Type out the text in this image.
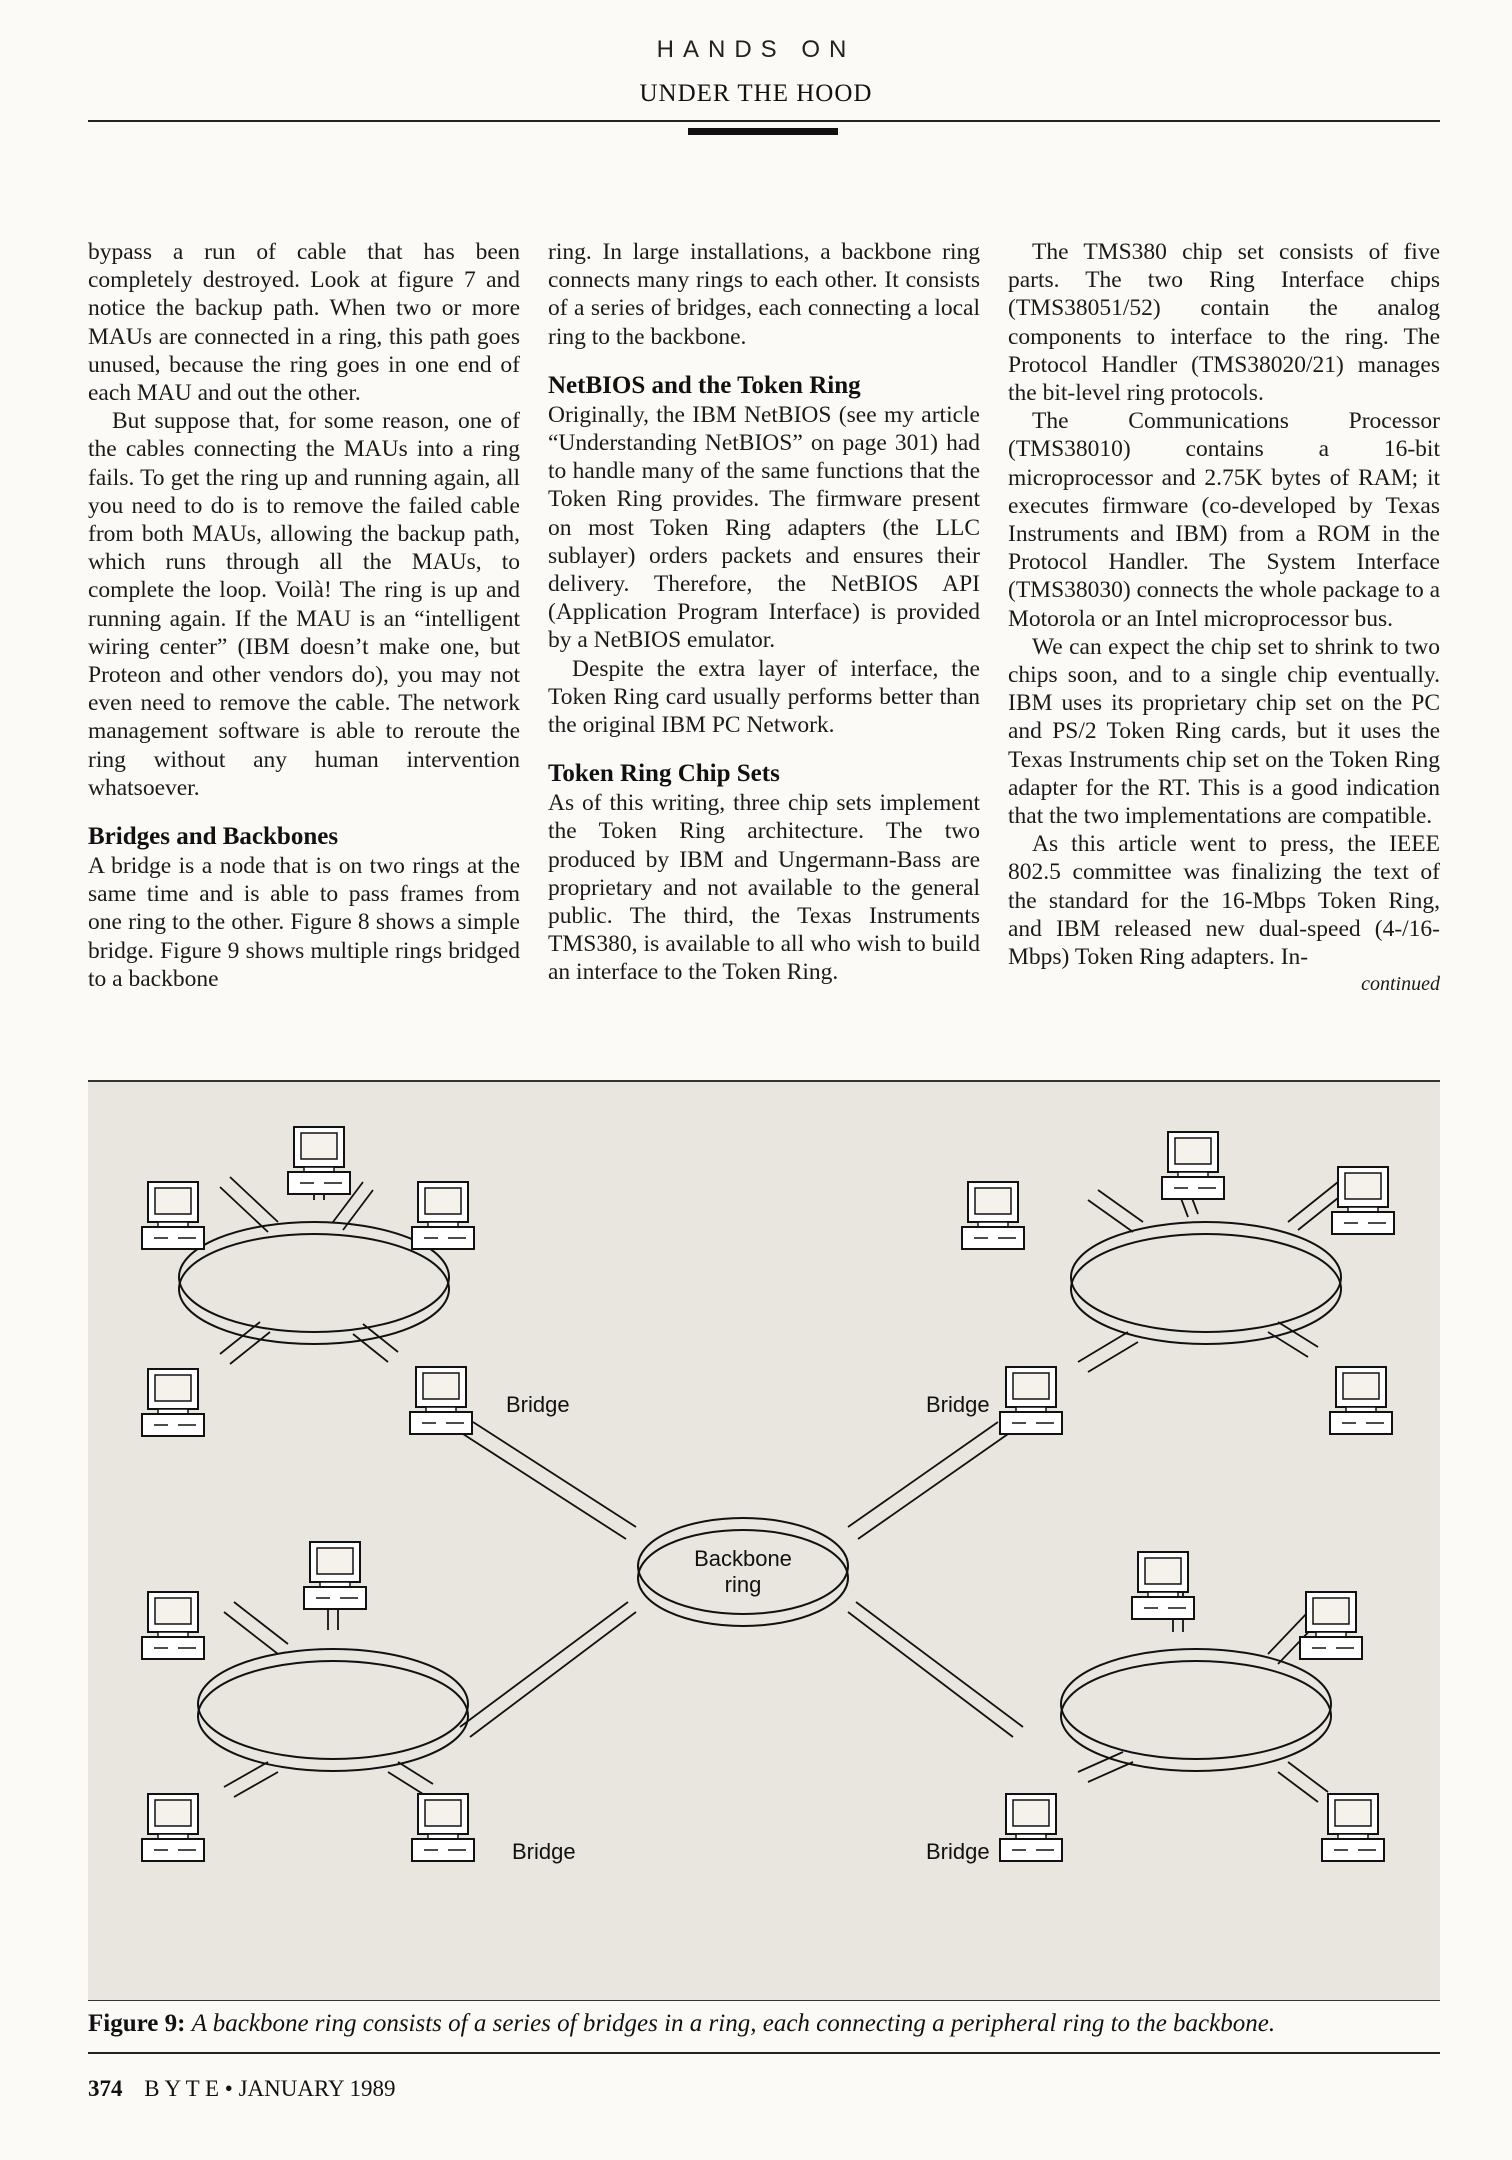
HANDS ON
UNDER THE HOOD

bypass a run of cable that has been completely destroyed. Look at figure 7 and notice the backup path. When two or more MAUs are connected in a ring, this path goes unused, because the ring goes in one end of each MAU and out the other.

But suppose that, for some reason, one of the cables connecting the MAUs into a ring fails. To get the ring up and running again, all you need to do is to remove the failed cable from both MAUs, allowing the backup path, which runs through all the MAUs, to complete the loop. Voilà! The ring is up and running again. If the MAU is an “intelligent wiring center” (IBM doesn’t make one, but Proteon and other vendors do), you may not even need to remove the cable. The network management software is able to reroute the ring without any human intervention whatsoever.

Bridges and Backbones

A bridge is a node that is on two rings at the same time and is able to pass frames from one ring to the other. Figure 8 shows a simple bridge. Figure 9 shows multiple rings bridged to a backbone

ring. In large installations, a backbone ring connects many rings to each other. It consists of a series of bridges, each connecting a local ring to the backbone.

NetBIOS and the Token Ring

Originally, the IBM NetBIOS (see my article “Understanding NetBIOS” on page 301) had to handle many of the same functions that the Token Ring provides. The firmware present on most Token Ring adapters (the LLC sublayer) orders packets and ensures their delivery. Therefore, the NetBIOS API (Application Program Interface) is provided by a NetBIOS emulator.

Despite the extra layer of interface, the Token Ring card usually performs better than the original IBM PC Network.

Token Ring Chip Sets

As of this writing, three chip sets implement the Token Ring architecture. The two produced by IBM and Ungermann-Bass are proprietary and not available to the general public. The third, the Texas Instruments TMS380, is available to all who wish to build an interface to the Token Ring.

The TMS380 chip set consists of five parts. The two Ring Interface chips (TMS38051/52) contain the analog components to interface to the ring. The Protocol Handler (TMS38020/21) manages the bit-level ring protocols.

The Communications Processor (TMS38010) contains a 16-bit microprocessor and 2.75K bytes of RAM; it executes firmware (co-developed by Texas Instruments and IBM) from a ROM in the Protocol Handler. The System Interface (TMS38030) connects the whole package to a Motorola or an Intel microprocessor bus.

We can expect the chip set to shrink to two chips soon, and to a single chip eventually. IBM uses its proprietary chip set on the PC and PS/2 Token Ring cards, but it uses the Texas Instruments chip set on the Token Ring adapter for the RT. This is a good indication that the two implementations are compatible.

As this article went to press, the IEEE 802.5 committee was finalizing the text of the standard for the 16-Mbps Token Ring, and IBM released new dual-speed (4-/16-Mbps) Token Ring adapters. In-

continued
Bridge	Bridge
Bridge	Bridge
Backbone
ring
Figure 9: A backbone ring consists of a series of bridges in a ring, each connecting a peripheral ring to the backbone.
374 B Y T E • JANUARY 1989
